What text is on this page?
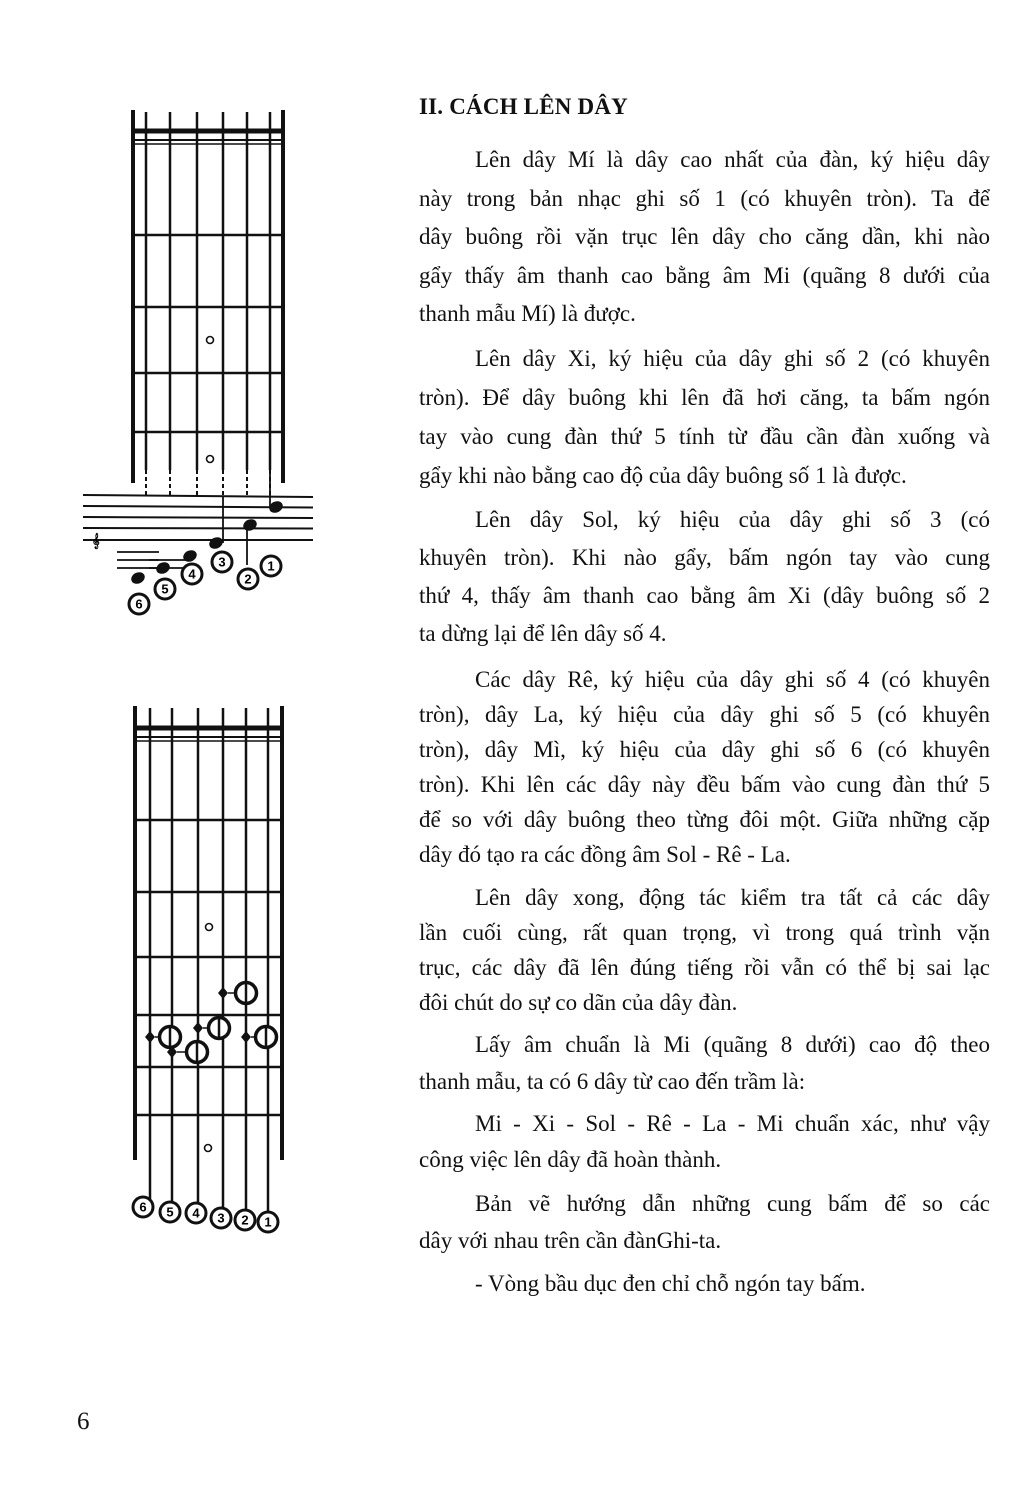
𝄞
6
5
4
3
2
1
6 5 4 3 2 1
II. CÁCH LÊN DÂY
Lên dây Mí là dây cao nhất của đàn, ký hiệu dây
này trong bản nhạc ghi số 1 (có khuyên tròn). Ta để
dây buông rồi vặn trục lên dây cho căng dần, khi nào
gẩy thấy âm thanh cao bằng âm Mi (quãng 8 dưới của
thanh mẫu Mí) là được.
Lên dây Xi, ký hiệu của dây ghi số 2 (có khuyên
tròn). Để dây buông khi lên đã hơi căng, ta bấm ngón
tay vào cung đàn thứ 5 tính từ đầu cần đàn xuống và
gẩy khi nào bằng cao độ của dây buông số 1 là được.
Lên dây Sol, ký hiệu của dây ghi số 3 (có
khuyên tròn). Khi nào gẩy, bấm ngón tay vào cung
thứ 4, thấy âm thanh cao bằng âm Xi (dây buông số 2
ta dừng lại để lên dây số 4.
Các dây Rê, ký hiệu của dây ghi số 4 (có khuyên
tròn), dây La, ký hiệu của dây ghi số 5 (có khuyên
tròn), dây Mì, ký hiệu của dây ghi số 6 (có khuyên
tròn). Khi lên các dây này đều bấm vào cung đàn thứ 5
để so với dây buông theo từng đôi một. Giữa những cặp
dây đó tạo ra các đồng âm Sol - Rê - La.
Lên dây xong, động tác kiểm tra tất cả các dây
lần cuối cùng, rất quan trọng, vì trong quá trình vặn
trục, các dây đã lên đúng tiếng rồi vẫn có thể bị sai lạc
đôi chút do sự co dãn của dây đàn.
Lấy âm chuẩn là Mi (quãng 8 dưới) cao độ theo
thanh mẫu, ta có 6 dây từ cao đến trầm là:
Mi - Xi - Sol - Rê - La - Mi chuẩn xác, như vậy
công việc lên dây đã hoàn thành.
Bản vẽ hướng dẫn những cung bấm để so các
dây với nhau trên cần đànGhi-ta.
- Vòng bầu dục đen chỉ chỗ ngón tay bấm.
6
